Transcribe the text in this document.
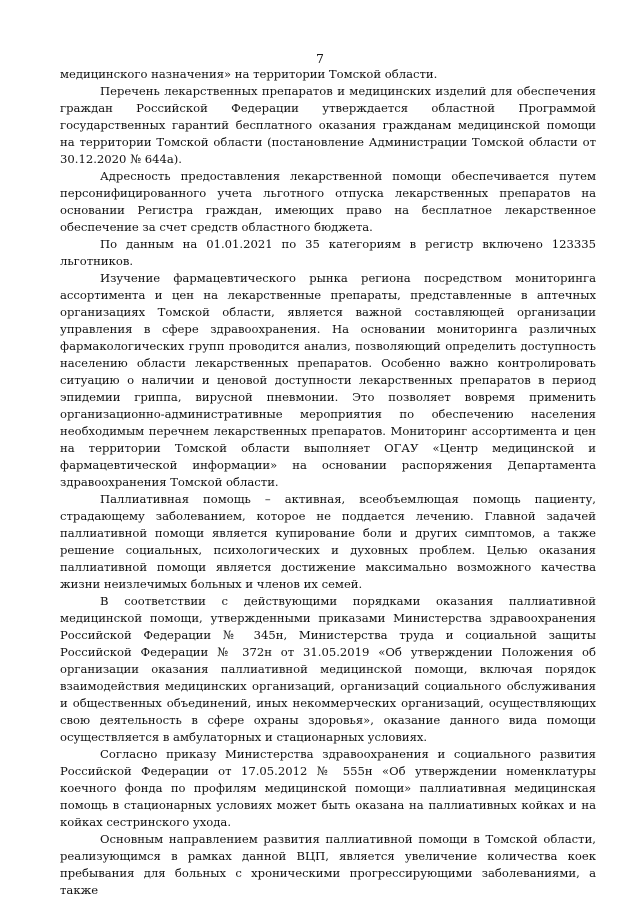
7

медицинского назначения» на территории Томской области.

Перечень лекарственных препаратов и медицинских изделий для обеспечения граждан Российской Федерации утверждается областной Программой государственных гарантий бесплатного оказания гражданам медицинской помощи на территории Томской области (постановление Администрации Томской области от 30.12.2020 № 644а).

Адресность предоставления лекарственной помощи обеспечивается путем персонифицированного учета льготного отпуска лекарственных препаратов на основании Регистра граждан, имеющих право на бесплатное лекарственное обеспечение за счет средств областного бюджета.

По данным на 01.01.2021 по 35 категориям в регистр включено 123335 льготников.

Изучение фармацевтического рынка региона посредством мониторинга ассортимента и цен на лекарственные препараты, представленные в аптечных организациях Томской области, является важной составляющей организации управления в сфере здравоохранения. На основании мониторинга различных фармакологических групп проводится анализ, позволяющий определить доступность населению области лекарственных препаратов. Особенно важно контролировать ситуацию о наличии и ценовой доступности лекарственных препаратов в период эпидемии гриппа, вирусной пневмонии. Это позволяет вовремя применить организационно-административные мероприятия по обеспечению населения необходимым перечнем лекарственных препаратов. Мониторинг ассортимента и цен на территории Томской области выполняет ОГАУ «Центр медицинской и фармацевтической информации» на основании распоряжения Департамента здравоохранения Томской области.

Паллиативная помощь – активная, всеобъемлющая помощь пациенту, страдающему заболеванием, которое не поддается лечению. Главной задачей паллиативной помощи является купирование боли и других симптомов, а также решение социальных, психологических и духовных проблем. Целью оказания паллиативной помощи является достижение максимально возможного качества жизни неизлечимых больных и членов их семей.

В соответствии с действующими порядками оказания паллиативной медицинской помощи, утвержденными приказами Министерства здравоохранения Российской Федерации № 345н, Министерства труда и социальной защиты Российской Федерации № 372н от 31.05.2019 «Об утверждении Положения об организации оказания паллиативной медицинской помощи, включая порядок взаимодействия медицинских организаций, организаций социального обслуживания и общественных объединений, иных некоммерческих организаций, осуществляющих свою деятельность в сфере охраны здоровья», оказание данного вида помощи осуществляется в амбулаторных и стационарных условиях.

Согласно приказу Министерства здравоохранения и социального развития Российской Федерации от 17.05.2012 № 555н «Об утверждении номенклатуры коечного фонда по профилям медицинской помощи» паллиативная медицинская помощь в стационарных условиях может быть оказана на паллиативных койках и на койках сестринского ухода.

Основным направлением развития паллиативной помощи в Томской области, реализующимся в рамках данной ВЦП, является увеличение количества коек пребывания для больных с хроническими прогрессирующими заболеваниями, а также
